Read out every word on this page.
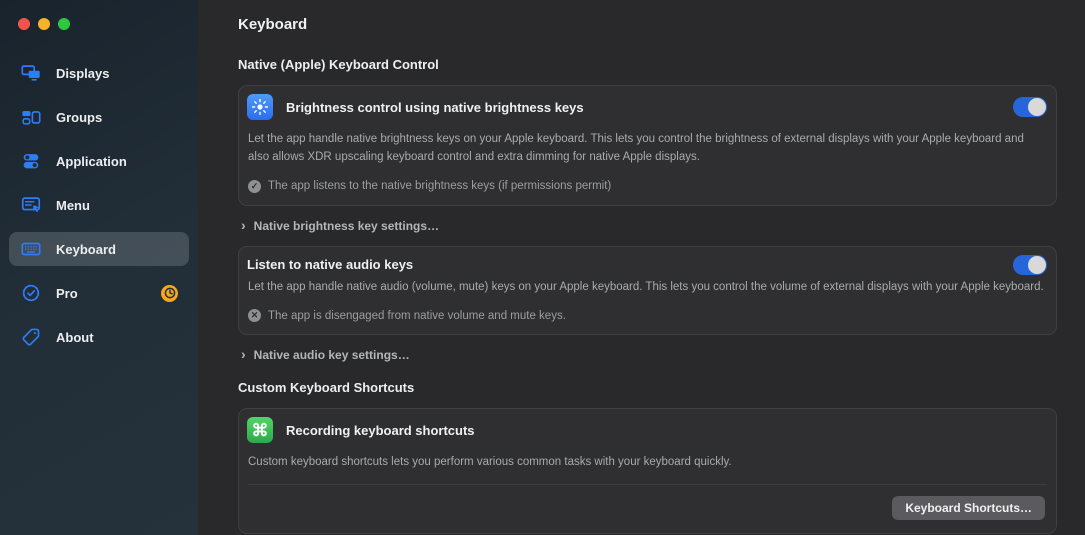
Displays
Groups
Application
Menu
Keyboard
Pro
About
Keyboard
Native (Apple) Keyboard Control
Brightness control using native brightness keys

Let the app handle native brightness keys on your Apple keyboard. This lets you control the brightness of external displays with your Apple keyboard and also allows XDR upscaling keyboard control and extra dimming for native Apple displays.

✓ The app listens to the native brightness keys (if permissions permit)
› Native brightness key settings…
Listen to native audio keys

Let the app handle native audio (volume, mute) keys on your Apple keyboard. This lets you control the volume of external displays with your Apple keyboard.

✕ The app is disengaged from native volume and mute keys.
› Native audio key settings…
Custom Keyboard Shortcuts
⌘ Recording keyboard shortcuts

Custom keyboard shortcuts lets you perform various common tasks with your keyboard quickly.

Keyboard Shortcuts…
